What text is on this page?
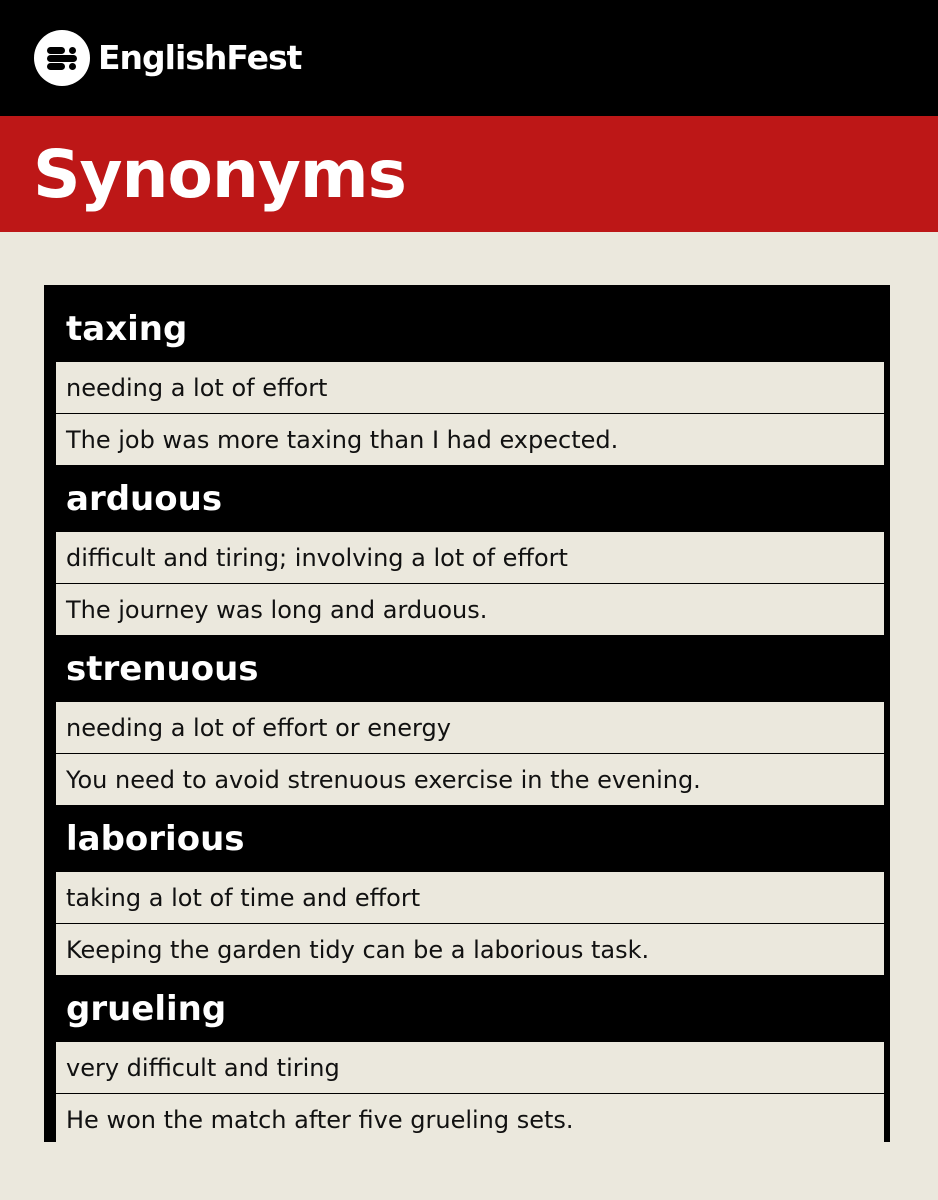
EnglishFest
Synonyms
taxing
needing a lot of effort
The job was more taxing than I had expected.
arduous
difficult and tiring; involving a lot of effort
The journey was long and arduous.
strenuous
needing a lot of effort or energy
You need to avoid strenuous exercise in the evening.
laborious
taking a lot of time and effort
Keeping the garden tidy can be a laborious task.
grueling
very difficult and tiring
He won the match after five grueling sets.
